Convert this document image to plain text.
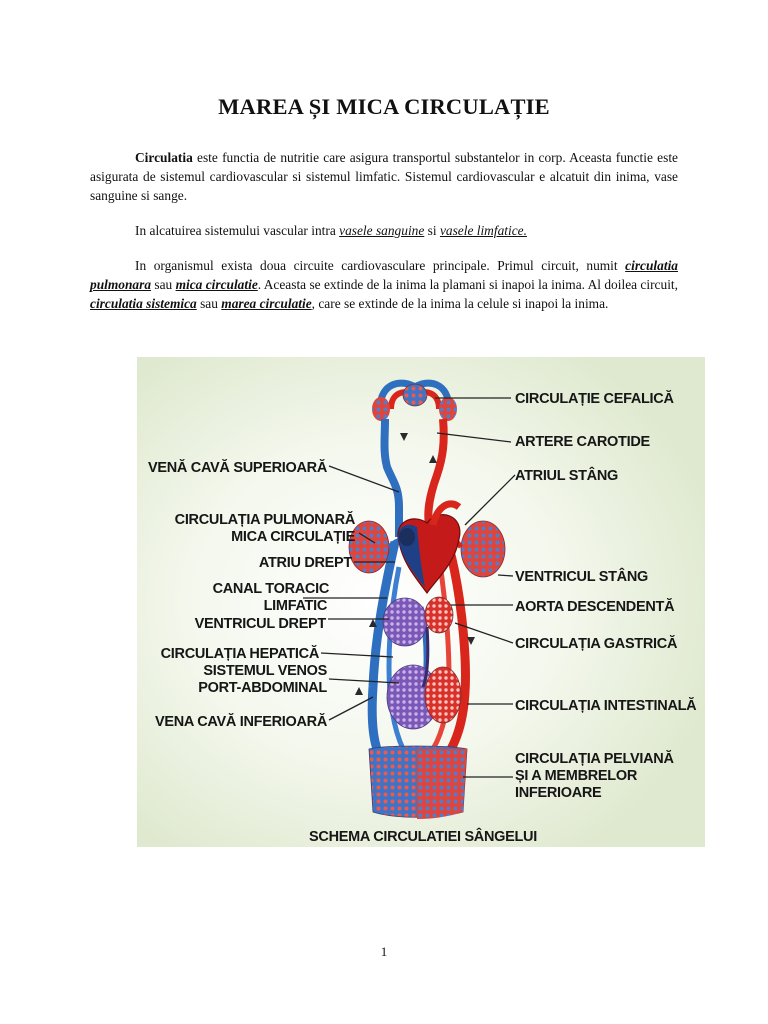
MAREA ȘI MICA CIRCULAȚIE

Circulatia este functia de nutritie care asigura transportul substantelor in corp. Aceasta functie este asigurata de sistemul cardiovascular si sistemul limfatic. Sistemul cardiovascular e alcatuit din inima, vase sanguine si sange.

In alcatuirea sistemului vascular intra vasele sanguine si vasele limfatice.

In organismul exista doua circuite cardiovasculare principale. Primul circuit, numit circulatia pulmonara sau mica circulatie. Aceasta se extinde de la inima la plamani si inapoi la inima. Al doilea circuit, circulatia sistemica sau marea circulatie, care se extinde de la inima la celule si inapoi la inima.

CIRCULAȚIE CEFALICĂ
ARTERE CAROTIDE
ATRIUL STÂNG
VENTRICUL STÂNG
AORTA DESCENDENTĂ
CIRCULAȚIA GASTRICĂ
CIRCULAȚIA INTESTINALĂ
CIRCULAȚIA PELVIANĂ
ȘI A MEMBRELOR
INFERIOARE
VENĂ CAVĂ SUPERIOARĂ
CIRCULAȚIA PULMONARĂ
MICA CIRCULAȚIE
ATRIU DREPT
CANAL TORACIC
LIMFATIC
VENTRICUL DREPT
CIRCULAȚIA HEPATICĂ
SISTEMUL VENOS
PORT-ABDOMINAL
VENA CAVĂ INFERIOARĂ
SCHEMA CIRCULATIEI SÂNGELUI
1
